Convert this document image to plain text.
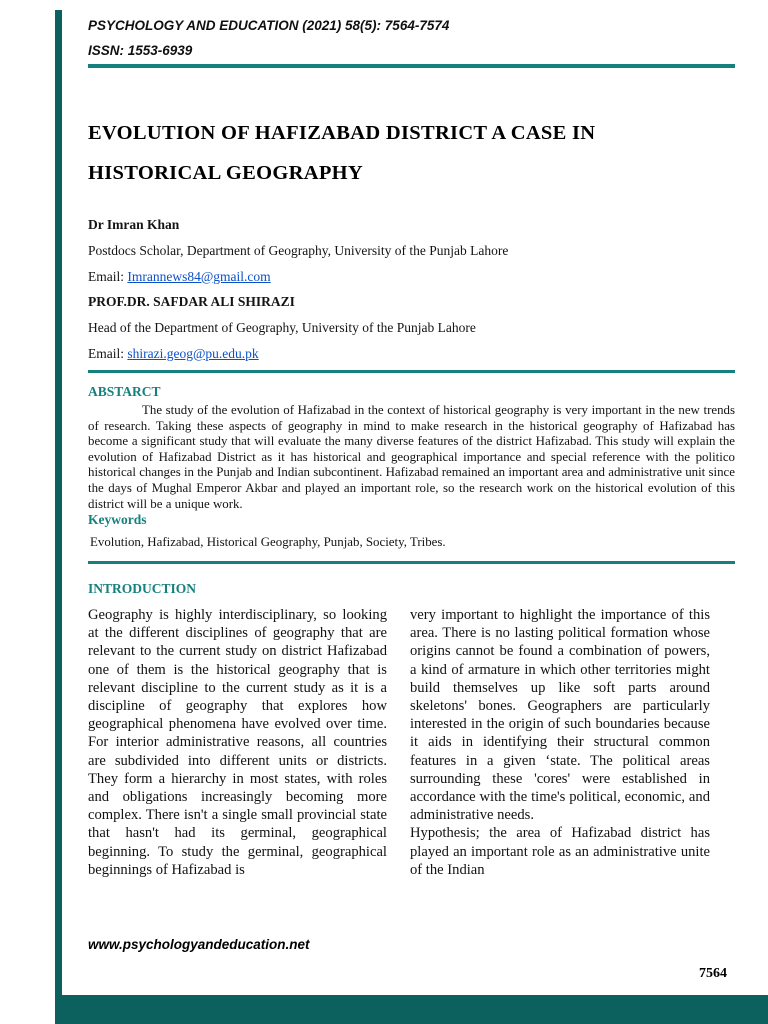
PSYCHOLOGY AND EDUCATION (2021) 58(5): 7564-7574
ISSN: 1553-6939
EVOLUTION OF HAFIZABAD DISTRICT A CASE IN
HISTORICAL GEOGRAPHY
Dr Imran Khan
Postdocs Scholar, Department of Geography, University of the Punjab Lahore
Email: Imrannews84@gmail.com
PROF.DR. SAFDAR ALI SHIRAZI
Head of the Department of Geography, University of the Punjab Lahore
Email: shirazi.geog@pu.edu.pk
ABSTARCT

The study of the evolution of Hafizabad in the context of historical geography is very important in the new trends of research. Taking these aspects of geography in mind to make research in the historical geography of Hafizabad has become a significant study that will evaluate the many diverse features of the district Hafizabad. This study will explain the evolution of Hafizabad District as it has historical and geographical importance and special reference with the politico historical changes in the Punjab and Indian subcontinent. Hafizabad remained an important area and administrative unit since the days of Mughal Emperor Akbar and played an important role, so the research work on the historical evolution of this district will be a unique work.

Keywords
Evolution, Hafizabad, Historical Geography, Punjab, Society, Tribes.
INTRODUCTION

Geography is highly interdisciplinary, so looking at the different disciplines of geography that are relevant to the current study on district Hafizabad one of them is the historical geography that is relevant discipline to the current study as it is a discipline of geography that explores how geographical phenomena have evolved over time. For interior administrative reasons, all countries are subdivided into different units or districts. They form a hierarchy in most states, with roles and obligations increasingly becoming more complex. There isn't a single small provincial state that hasn't had its germinal, geographical beginning. To study the germinal, geographical beginnings of Hafizabad is

very important to highlight the importance of this area. There is no lasting political formation whose origins cannot be found a combination of powers, a kind of armature in which other territories might build themselves up like soft parts around skeletons' bones. Geographers are particularly interested in the origin of such boundaries because it aids in identifying their structural common features in a given ‘state. The political areas surrounding these 'cores' were established in accordance with the time's political, economic, and administrative needs.

Hypothesis; the area of Hafizabad district has played an important role as an administrative unite of the Indian

www.psychologyandeducation.net
7564
